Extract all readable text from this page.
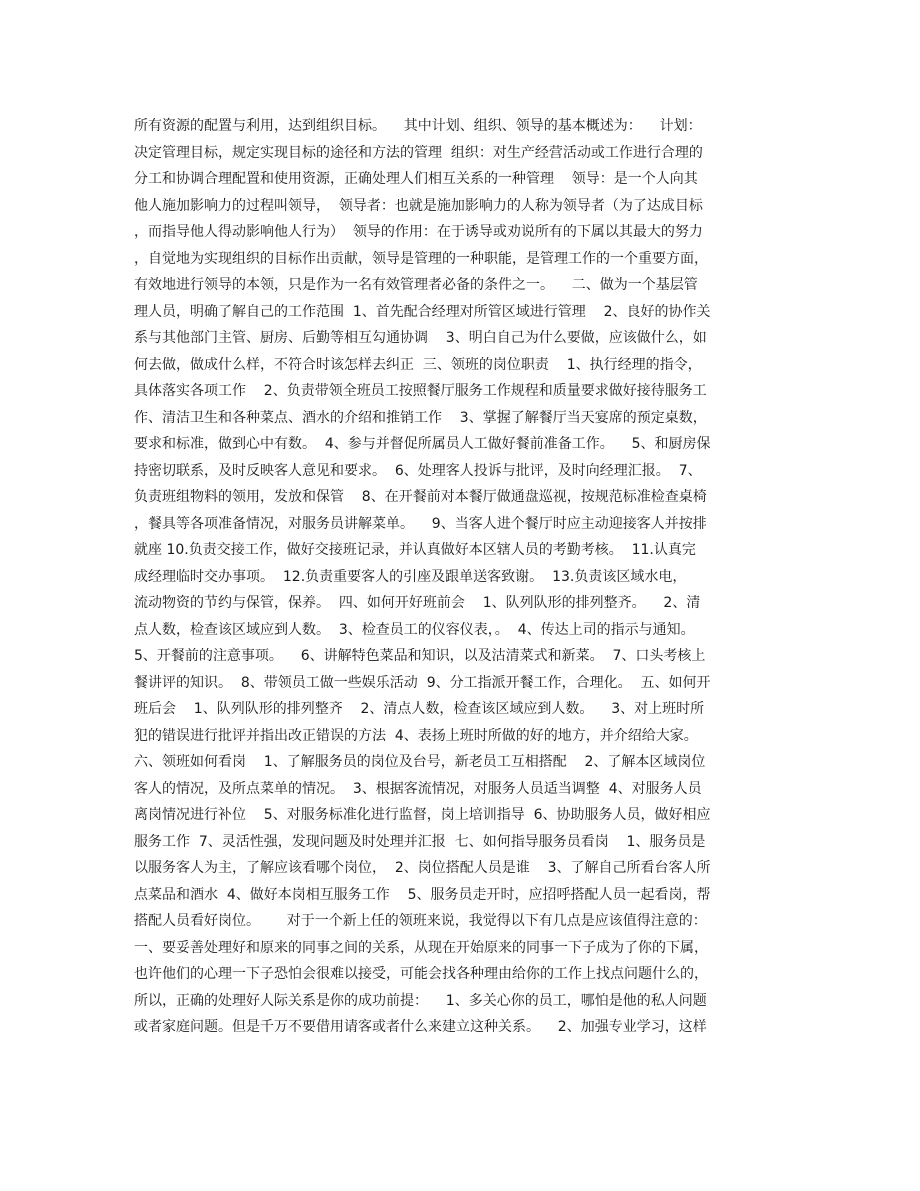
所有资源的配置与利用，达到组织目标。    其中计划、组织、领导的基本概述为：    计划：
决定管理目标，规定实现目标的途径和方法的管理  组织：对生产经营活动或工作进行合理的
分工和协调合理配置和使用资源，正确处理人们相互关系的一种管理    领导：是一个人向其
他人施加影响力的过程叫领导，  领导者：也就是施加影响力的人称为领导者（为了达成目标
，而指导他人得动影响他人行为）  领导的作用：在于诱导或劝说所有的下属以其最大的努力
，自觉地为实现组织的目标作出贡献，领导是管理的一种职能，是管理工作的一个重要方面，
有效地进行领导的本领，只是作为一名有效管理者必备的条件之一。    二、做为一个基层管
理人员，明确了解自己的工作范围  1、首先配合经理对所管区域进行管理    2、良好的协作关
系与其他部门主管、厨房、后勤等相互勾通协调    3、明白自己为什么要做，应该做什么，如
何去做，做成什么样，不符合时该怎样去纠正  三、领班的岗位职责    1、执行经理的指令，
具体落实各项工作    2、负责带领全班员工按照餐厅服务工作规程和质量要求做好接待服务工
作、清洁卫生和各种菜点、酒水的介绍和推销工作    3、掌握了解餐厅当天宴席的预定桌数，
要求和标准，做到心中有数。  4、参与并督促所属员人工做好餐前准备工作。    5、和厨房保
持密切联系，及时反映客人意见和要求。  6、处理客人投诉与批评，及时向经理汇报。  7、
负责班组物料的领用，发放和保管    8、在开餐前对本餐厅做通盘巡视，按规范标准检查桌椅
，餐具等各项准备情况，对服务员讲解菜单。    9、当客人进个餐厅时应主动迎接客人并按排
就座 10.负责交接工作，做好交接班记录，并认真做好本区辖人员的考勤考核。  11.认真完
成经理临时交办事项。  12.负责重要客人的引座及跟单送客致谢。  13.负责该区域水电，
流动物资的节约与保管，保养。  四、如何开好班前会    1、队列队形的排列整齐。    2、清
点人数，检查该区域应到人数。  3、检查员工的仪容仪表，。  4、传达上司的指示与通知。
5、开餐前的注意事项。    6、讲解特色菜品和知识，以及沽清菜式和新菜。  7、口头考核上
餐讲评的知识。  8、带领员工做一些娱乐活动  9、分工指派开餐工作，合理化。  五、如何开
班后会    1、队列队形的排列整齐    2、清点人数，检查该区域应到人数。    3、对上班时所
犯的错误进行批评并指出改正错误的方法  4、表扬上班时所做的好的地方，并介绍给大家。
六、领班如何看岗    1、了解服务员的岗位及台号，新老员工互相搭配    2、了解本区域岗位
客人的情况，及所点菜单的情况。  3、根据客流情况，对服务人员适当调整  4、对服务人员
离岗情况进行补位    5、对服务标准化进行监督，岗上培训指导  6、协助服务人员，做好相应
服务工作  7、灵活性强，发现问题及时处理并汇报  七、如何指导服务员看岗    1、服务员是
以服务客人为主，了解应该看哪个岗位，  2、岗位搭配人员是谁    3、了解自己所看台客人所
点菜品和酒水  4、做好本岗相互服务工作    5、服务员走开时，应招呼搭配人员一起看岗，帮
搭配人员看好岗位。      对于一个新上任的领班来说，我觉得以下有几点是应该值得注意的：
一、要妥善处理好和原来的同事之间的关系，从现在开始原来的同事一下子成为了你的下属，
也许他们的心理一下子恐怕会很难以接受，可能会找各种理由给你的工作上找点问题什么的，
所以，正确的处理好人际关系是你的成功前提：    1、多关心你的员工，哪怕是他的私人问题
或者家庭问题。但是千万不要借用请客或者什么来建立这种关系。    2、加强专业学习，这样
